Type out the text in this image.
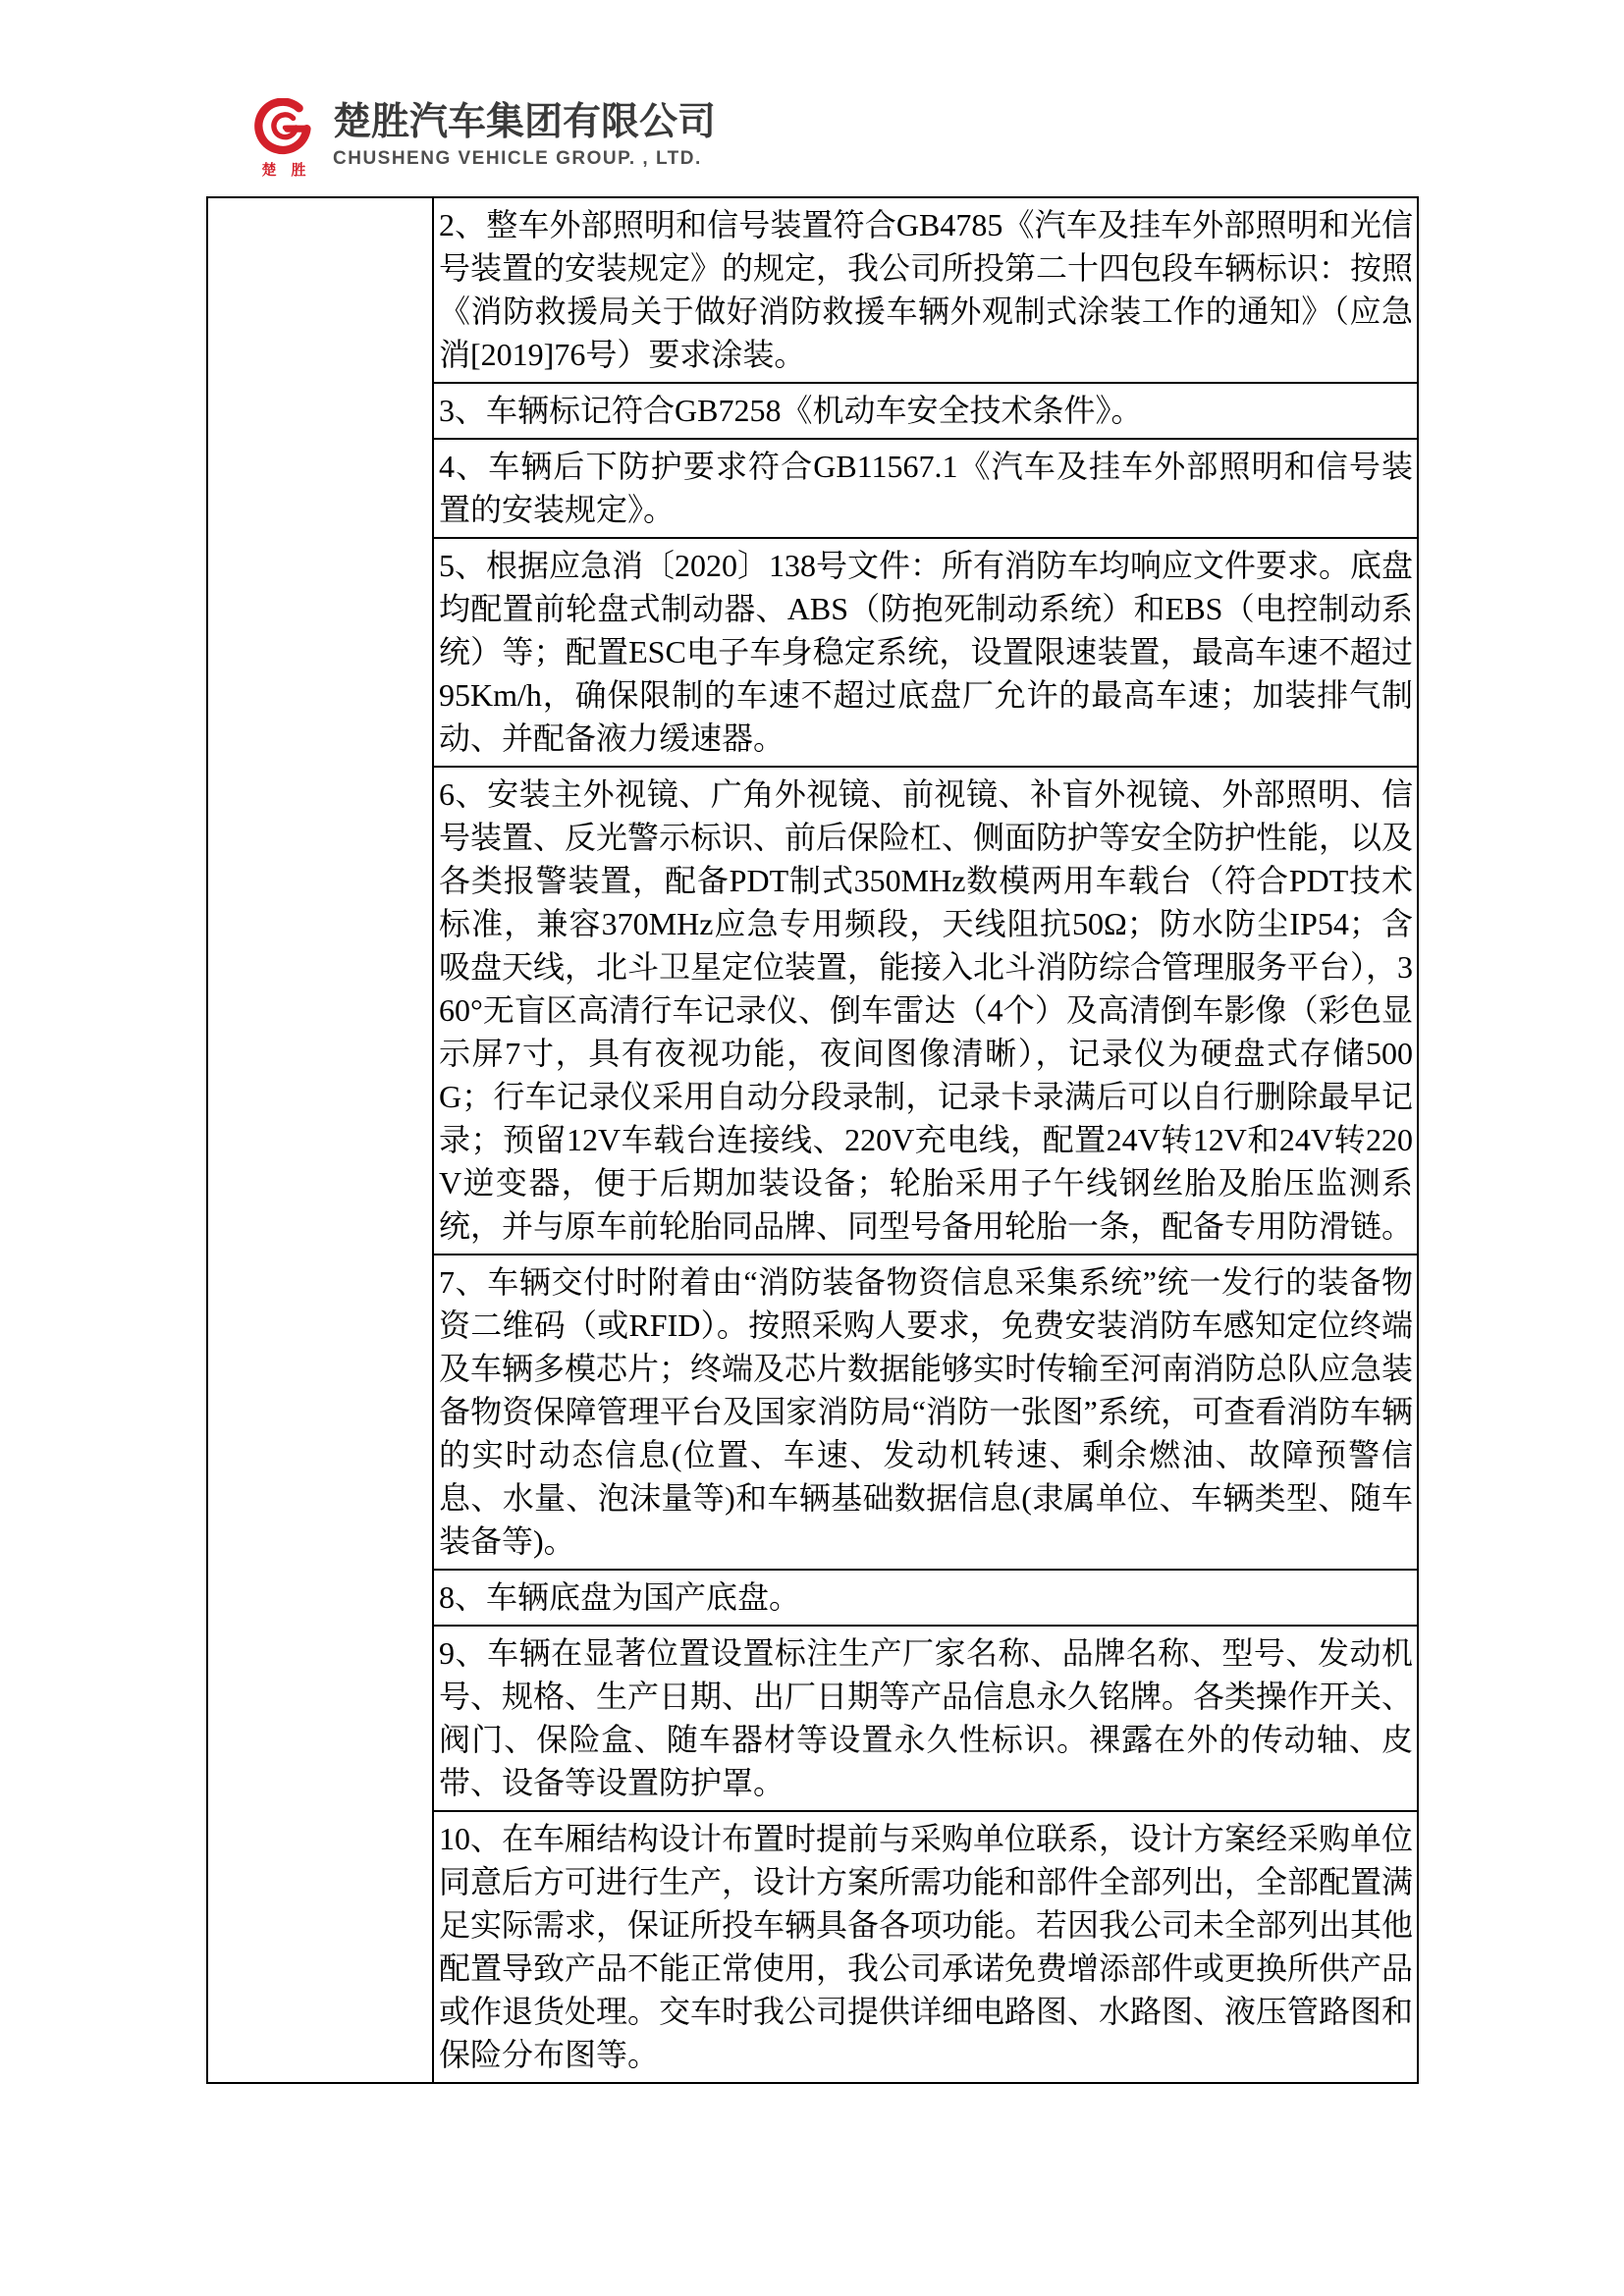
楚　胜
楚胜汽车集团有限公司
CHUSHENG VEHICLE GROUP. , LTD.
2、整车外部照明和信号装置符合GB4785《汽车及挂车外部照明和光信号装置的安装规定》的规定，我公司所投第二十四包段车辆标识：按照《消防救援局关于做好消防救援车辆外观制式涂装工作的通知》（应急消[2019]76号）要求涂装。
3、车辆标记符合GB7258《机动车安全技术条件》。
4、车辆后下防护要求符合GB11567.1《汽车及挂车外部照明和信号装置的安装规定》。
5、根据应急消〔2020〕138号文件：所有消防车均响应文件要求。底盘均配置前轮盘式制动器、ABS（防抱死制动系统）和EBS（电控制动系统）等；配置ESC电子车身稳定系统，设置限速装置，最高车速不超过95Km/h，确保限制的车速不超过底盘厂允许的最高车速；加装排气制动、并配备液力缓速器。
6、安装主外视镜、广角外视镜、前视镜、补盲外视镜、外部照明、信号装置、反光警示标识、前后保险杠、侧面防护等安全防护性能，以及各类报警装置，配备PDT制式350MHz数模两用车载台（符合PDT技术标准，兼容370MHz应急专用频段，天线阻抗50Ω；防水防尘IP54；含吸盘天线，北斗卫星定位装置，能接入北斗消防综合管理服务平台），360°无盲区高清行车记录仪、倒车雷达（4个）及高清倒车影像（彩色显示屏7寸，具有夜视功能，夜间图像清晰），记录仪为硬盘式存储500G；行车记录仪采用自动分段录制，记录卡录满后可以自行删除最早记录；预留12V车载台连接线、220V充电线，配置24V转12V和24V转220V逆变器，便于后期加装设备；轮胎采用子午线钢丝胎及胎压监测系统，并与原车前轮胎同品牌、同型号备用轮胎一条，配备专用防滑链。
7、车辆交付时附着由“消防装备物资信息采集系统”统一发行的装备物资二维码（或RFID）。按照采购人要求，免费安装消防车感知定位终端及车辆多模芯片；终端及芯片数据能够实时传输至河南消防总队应急装备物资保障管理平台及国家消防局“消防一张图”系统，可查看消防车辆的实时动态信息(位置、车速、发动机转速、剩余燃油、故障预警信息、水量、泡沫量等)和车辆基础数据信息(隶属单位、车辆类型、随车装备等)。
8、车辆底盘为国产底盘。
9、车辆在显著位置设置标注生产厂家名称、品牌名称、型号、发动机号、规格、生产日期、出厂日期等产品信息永久铭牌。各类操作开关、阀门、保险盒、随车器材等设置永久性标识。裸露在外的传动轴、皮带、设备等设置防护罩。
10、在车厢结构设计布置时提前与采购单位联系，设计方案经采购单位同意后方可进行生产，设计方案所需功能和部件全部列出，全部配置满足实际需求，保证所投车辆具备各项功能。若因我公司未全部列出其他配置导致产品不能正常使用，我公司承诺免费增添部件或更换所供产品或作退货处理。交车时我公司提供详细电路图、水路图、液压管路图和保险分布图等。
